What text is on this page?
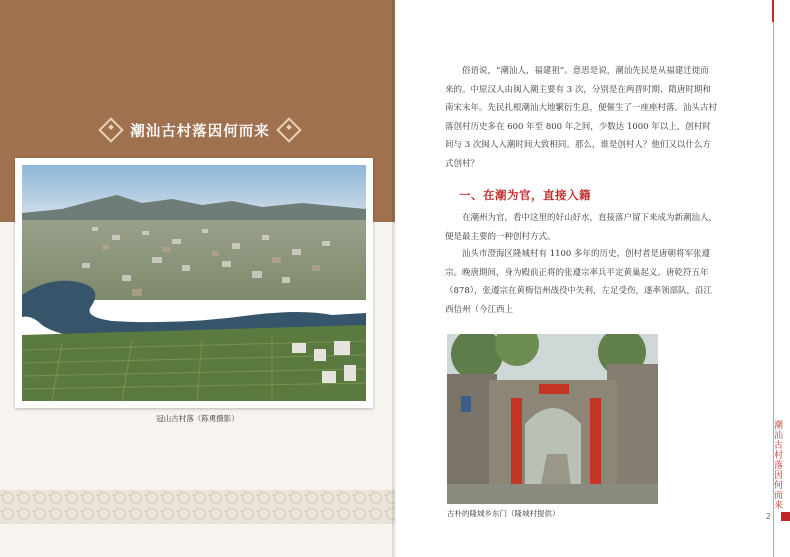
潮汕古村落因何而来
冠山古村落（陈勇摄影）

俗语说，“潮汕人，福建祖”。意思是说，潮汕先民是从福建迁徙而来的。中原汉人由闽入潮主要有 3 次，分别是在两晋时期、隋唐时期和南宋末年。先民扎根潮汕大地繁衍生息，便催生了一座座村落。汕头古村落创村历史多在 600 年至 800 年之间，少数达 1000 年以上，创村时间与 3 次闽人入潮时间大致相同。那么，谁是创村人？他们又以什么方式创村？

一、在潮为官，直接入籍

在潮州为官，看中这里的好山好水，直接落户留下来成为新潮汕人，便是最主要的一种创村方式。

汕头市澄海区隆城村有 1100 多年的历史，创村者是唐朝将军张遵宗。晚唐期间，身为殿前正将的张遵宗率兵平定黄巢起义。唐乾符五年（878），张遵宗在黄梅信州战役中失利，左足受伤，遂率领部队，沿江西信州（今江西上

古朴的隆城乡东门（隆城村提供）
潮汕古村落因何而来
2
